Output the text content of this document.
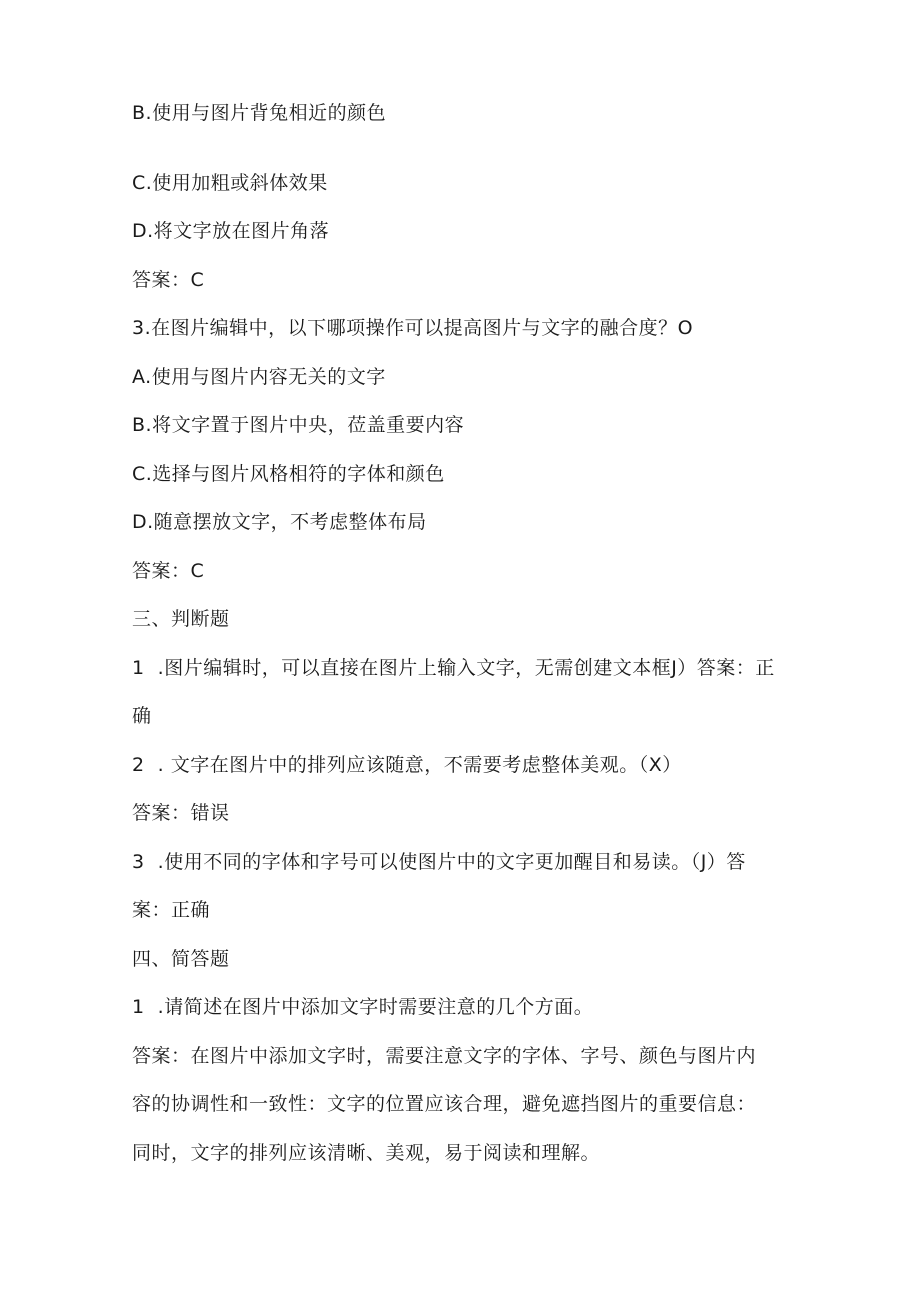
B.使用与图片背兔相近的颜色
C.使用加粗或斜体效果
D.将文字放在图片角落
答案：C
3.在图片编辑中，以下哪项操作可以提高图片与文字的融合度？O
A.使用与图片内容无关的文字
B.将文字置于图片中央，莅盖重要内容
C.选择与图片风格相符的字体和颜色
D.随意摆放文字，不考虑整体布局
答案：C
三、判断题
1  .图片编辑时，可以直接在图片上输入文字，无需创建文本框J）答案：正
确
2  . 文字在图片中的排列应该随意，不需要考虑整体美观。（X）
答案：错误
3  .使用不同的字体和字号可以使图片中的文字更加醒目和易读。（J）答
案：正确
四、简答题
1  .请简述在图片中添加文字时需要注意的几个方面。
答案：在图片中添加文字时，需要注意文字的字体、字号、颜色与图片内
容的协调性和一致性：文字的位置应该合理，避免遮挡图片的重要信息：
同时，文字的排列应该清晰、美观，易于阅读和理解。
